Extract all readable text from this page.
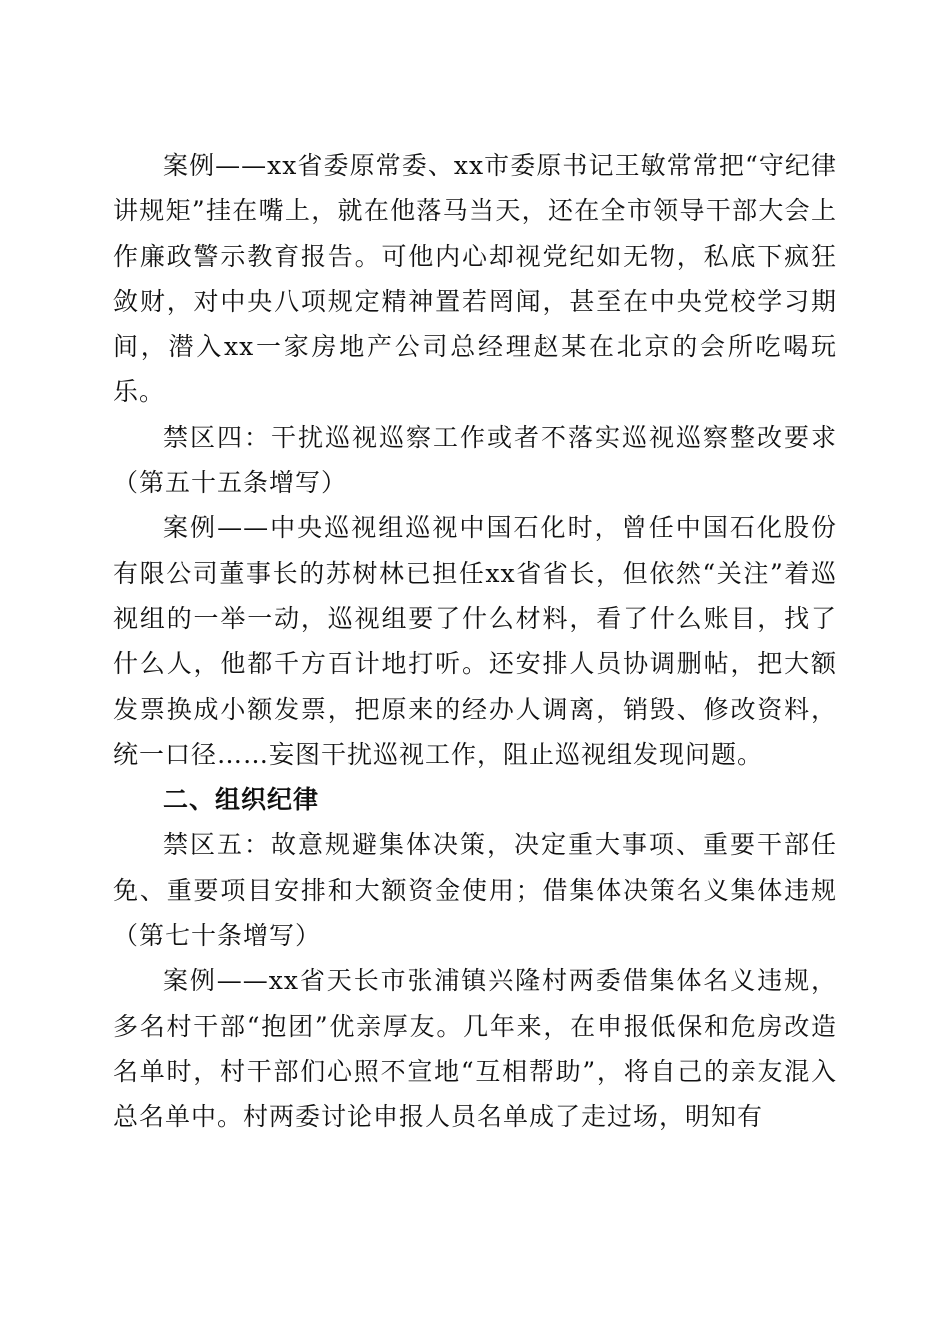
案例——xx省委原常委、xx市委原书记王敏常常把“守纪律讲规矩”挂在嘴上，就在他落马当天，还在全市领导干部大会上作廉政警示教育报告。可他内心却视党纪如无物，私底下疯狂敛财，对中央八项规定精神置若罔闻，甚至在中央党校学习期间，潜入xx一家房地产公司总经理赵某在北京的会所吃喝玩乐。

禁区四：干扰巡视巡察工作或者不落实巡视巡察整改要求（第五十五条增写）

案例——中央巡视组巡视中国石化时，曾任中国石化股份有限公司董事长的苏树林已担任xx省省长，但依然“关注”着巡视组的一举一动，巡视组要了什么材料，看了什么账目，找了什么人，他都千方百计地打听。还安排人员协调删帖，把大额发票换成小额发票，把原来的经办人调离，销毁、修改资料，统一口径……妄图干扰巡视工作，阻止巡视组发现问题。

二、组织纪律

禁区五：故意规避集体决策，决定重大事项、重要干部任免、重要项目安排和大额资金使用；借集体决策名义集体违规（第七十条增写）

案例——xx省天长市张浦镇兴隆村两委借集体名义违规，多名村干部“抱团”优亲厚友。几年来，在申报低保和危房改造名单时，村干部们心照不宣地“互相帮助”，将自己的亲友混入总名单中。村两委讨论申报人员名单成了走过场，明知有
